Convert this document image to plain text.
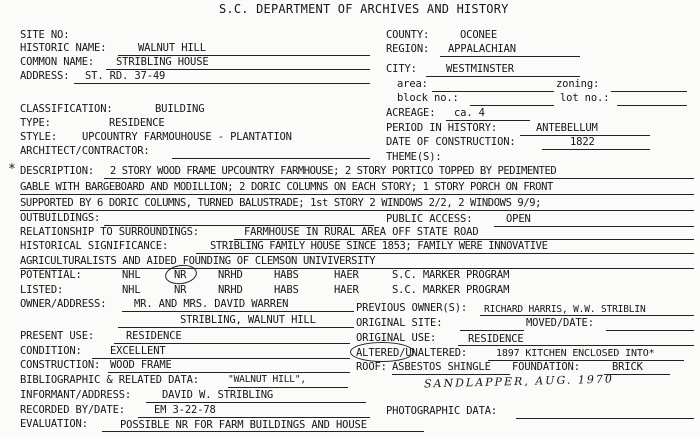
S.C. DEPARTMENT OF ARCHIVES AND HISTORY
SITE NO:
HISTORIC NAME:	WALNUT HILL
COMMON NAME: STRIBLING HOUSE
ADDRESS: ST. RD. 37-49
CLASSIFICATION:	BUILDING
TYPE:	RESIDENCE
STYLE: UPCOUNTRY FARMOUHOUSE - PLANTATION
ARCHITECT/CONTRACTOR:
COUNTY:	OCONEE
REGION: APPALACHIAN
CITY:	WESTMINSTER
area:	zoning:
block no.:	lot no.:
ACREAGE: ca. 4
PERIOD IN HISTORY:	ANTEBELLUM
DATE OF CONSTRUCTION:	1822
THEME(S):
* DESCRIPTION: 2 STORY WOOD FRAME UPCOUNTRY FARMHOUSE; 2 STORY PORTICO TOPPED BY PEDIMENTED
GABLE WITH BARGEBOARD AND MODILLION; 2 DORIC COLUMNS ON EACH STORY; 1 STORY PORCH ON FRONT
SUPPORTED BY 6 DORIC COLUMNS, TURNED BALUSTRADE; 1st STORY 2 WINDOWS 2/2, 2 WINDOWS 9/9;
OUTBUILDINGS:	PUBLIC ACCESS:	OPEN
RELATIONSHIP TO SURROUNDINGS:	FARMHOUSE IN RURAL AREA OFF STATE ROAD
HISTORICAL SIGNIFICANCE:	STRIBLING FAMILY HOUSE SINCE 1853; FAMILY WERE INNOVATIVE
AGRICULTURALISTS AND AIDED FOUNDING OF CLEMSON UNIVIVERSITY
POTENTIAL:	NHL	NR	NRHD	HABS	HAER	S.C. MARKER PROGRAM
LISTED:	NHL	NR	NRHD	HABS	HAER	S.C. MARKER PROGRAM
OWNER/ADDRESS:	MR. AND MRS. DAVID WARREN
STRIBLING, WALNUT HILL
PREVIOUS OWNER(S): RICHARD HARRIS, W.W. STRIBLIN
ORIGINAL SITE:	MOVED/DATE:
ORIGINAL USE:	RESIDENCE
PRESENT USE:	RESIDENCE
CONDITION:	EXCELLENT	ALTERED/UNALTERED:	1897 KITCHEN ENCLOSED INTO*
CONSTRUCTION: WOOD FRAME	ROOF: ASBESTOS SHINGLE FOUNDATION:	BRICK
BIBLIOGRAPHIC & RELATED DATA:	"WALNUT HILL",	SANDLAPPER, AUG. 1970
INFORMANT/ADDRESS:	DAVID W. STRIBLING
RECORDED BY/DATE:	EM 3-22-78	PHOTOGRAPHIC DATA:
EVALUATION:	POSSIBLE NR FOR FARM BUILDINGS AND HOUSE
